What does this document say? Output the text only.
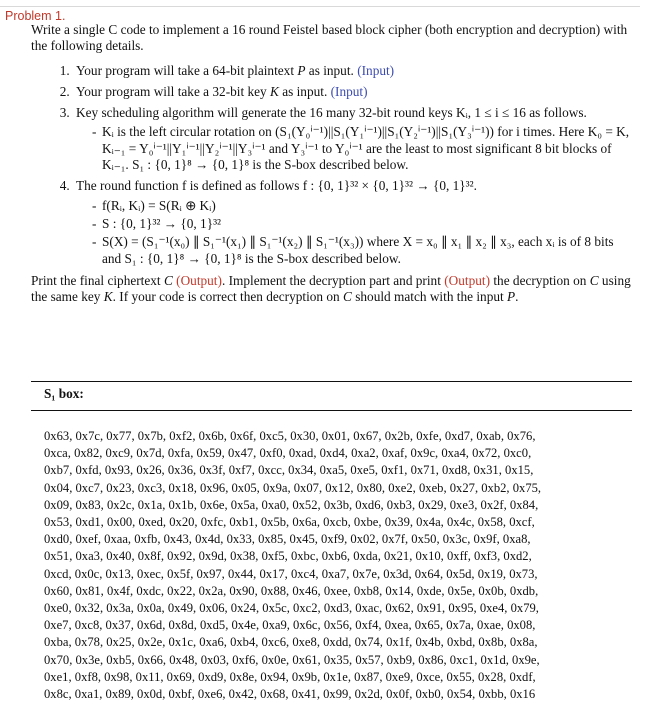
Problem 1.

Write a single C code to implement a 16 round Feistel based block cipher (both encryption and decryption) with the following details.

1. Your program will take a 64-bit plaintext P as input. (Input)
2. Your program will take a 32-bit key K as input. (Input)
3. Key scheduling algorithm will generate the 16 many 32-bit round keys Kᵢ, 1 ≤ i ≤ 16 as follows.
- Kᵢ is the left circular rotation on (S₁(Y₀ⁱ⁻¹)||S₁(Y₁ⁱ⁻¹)||S₁(Y₂ⁱ⁻¹)||S₁(Y₃ⁱ⁻¹)) for i times. Here K₀ = K, Kᵢ₋₁ = Y₀ⁱ⁻¹||Y₁ⁱ⁻¹||Y₂ⁱ⁻¹||Y₃ⁱ⁻¹ and Y₃ⁱ⁻¹ to Y₀ⁱ⁻¹ are the least to most significant 8 bit blocks of Kᵢ₋₁. S₁ : {0, 1}⁸ → {0, 1}⁸ is the S-box described below.
4. The round function f is defined as follows f : {0, 1}³² × {0, 1}³² → {0, 1}³².
- f(Rᵢ, Kᵢ) = S(Rᵢ ⊕ Kᵢ)
- S : {0, 1}³² → {0, 1}³²
- S(X) = (S₁⁻¹(x₀) ∥ S₁⁻¹(x₁) ∥ S₁⁻¹(x₂) ∥ S₁⁻¹(x₃)) where X = x₀ ∥ x₁ ∥ x₂ ∥ x₃, each xᵢ is of 8 bits and S₁ : {0, 1}⁸ → {0, 1}⁸ is the S-box described below.

Print the final ciphertext C (Output). Implement the decryption part and print (Output) the decryption on C using the same key K. If your code is correct then decryption on C should match with the input P.

S₁ box:
0x63, 0x7c, 0x77, 0x7b, 0xf2, 0x6b, 0x6f, 0xc5, 0x30, 0x01, 0x67, 0x2b, 0xfe, 0xd7, 0xab, 0x76,
0xca, 0x82, 0xc9, 0x7d, 0xfa, 0x59, 0x47, 0xf0, 0xad, 0xd4, 0xa2, 0xaf, 0x9c, 0xa4, 0x72, 0xc0,
0xb7, 0xfd, 0x93, 0x26, 0x36, 0x3f, 0xf7, 0xcc, 0x34, 0xa5, 0xe5, 0xf1, 0x71, 0xd8, 0x31, 0x15,
0x04, 0xc7, 0x23, 0xc3, 0x18, 0x96, 0x05, 0x9a, 0x07, 0x12, 0x80, 0xe2, 0xeb, 0x27, 0xb2, 0x75,
0x09, 0x83, 0x2c, 0x1a, 0x1b, 0x6e, 0x5a, 0xa0, 0x52, 0x3b, 0xd6, 0xb3, 0x29, 0xe3, 0x2f, 0x84,
0x53, 0xd1, 0x00, 0xed, 0x20, 0xfc, 0xb1, 0x5b, 0x6a, 0xcb, 0xbe, 0x39, 0x4a, 0x4c, 0x58, 0xcf,
0xd0, 0xef, 0xaa, 0xfb, 0x43, 0x4d, 0x33, 0x85, 0x45, 0xf9, 0x02, 0x7f, 0x50, 0x3c, 0x9f, 0xa8,
0x51, 0xa3, 0x40, 0x8f, 0x92, 0x9d, 0x38, 0xf5, 0xbc, 0xb6, 0xda, 0x21, 0x10, 0xff, 0xf3, 0xd2,
0xcd, 0x0c, 0x13, 0xec, 0x5f, 0x97, 0x44, 0x17, 0xc4, 0xa7, 0x7e, 0x3d, 0x64, 0x5d, 0x19, 0x73,
0x60, 0x81, 0x4f, 0xdc, 0x22, 0x2a, 0x90, 0x88, 0x46, 0xee, 0xb8, 0x14, 0xde, 0x5e, 0x0b, 0xdb,
0xe0, 0x32, 0x3a, 0x0a, 0x49, 0x06, 0x24, 0x5c, 0xc2, 0xd3, 0xac, 0x62, 0x91, 0x95, 0xe4, 0x79,
0xe7, 0xc8, 0x37, 0x6d, 0x8d, 0xd5, 0x4e, 0xa9, 0x6c, 0x56, 0xf4, 0xea, 0x65, 0x7a, 0xae, 0x08,
0xba, 0x78, 0x25, 0x2e, 0x1c, 0xa6, 0xb4, 0xc6, 0xe8, 0xdd, 0x74, 0x1f, 0x4b, 0xbd, 0x8b, 0x8a,
0x70, 0x3e, 0xb5, 0x66, 0x48, 0x03, 0xf6, 0x0e, 0x61, 0x35, 0x57, 0xb9, 0x86, 0xc1, 0x1d, 0x9e,
0xe1, 0xf8, 0x98, 0x11, 0x69, 0xd9, 0x8e, 0x94, 0x9b, 0x1e, 0x87, 0xe9, 0xce, 0x55, 0x28, 0xdf,
0x8c, 0xa1, 0x89, 0x0d, 0xbf, 0xe6, 0x42, 0x68, 0x41, 0x99, 0x2d, 0x0f, 0xb0, 0x54, 0xbb, 0x16
